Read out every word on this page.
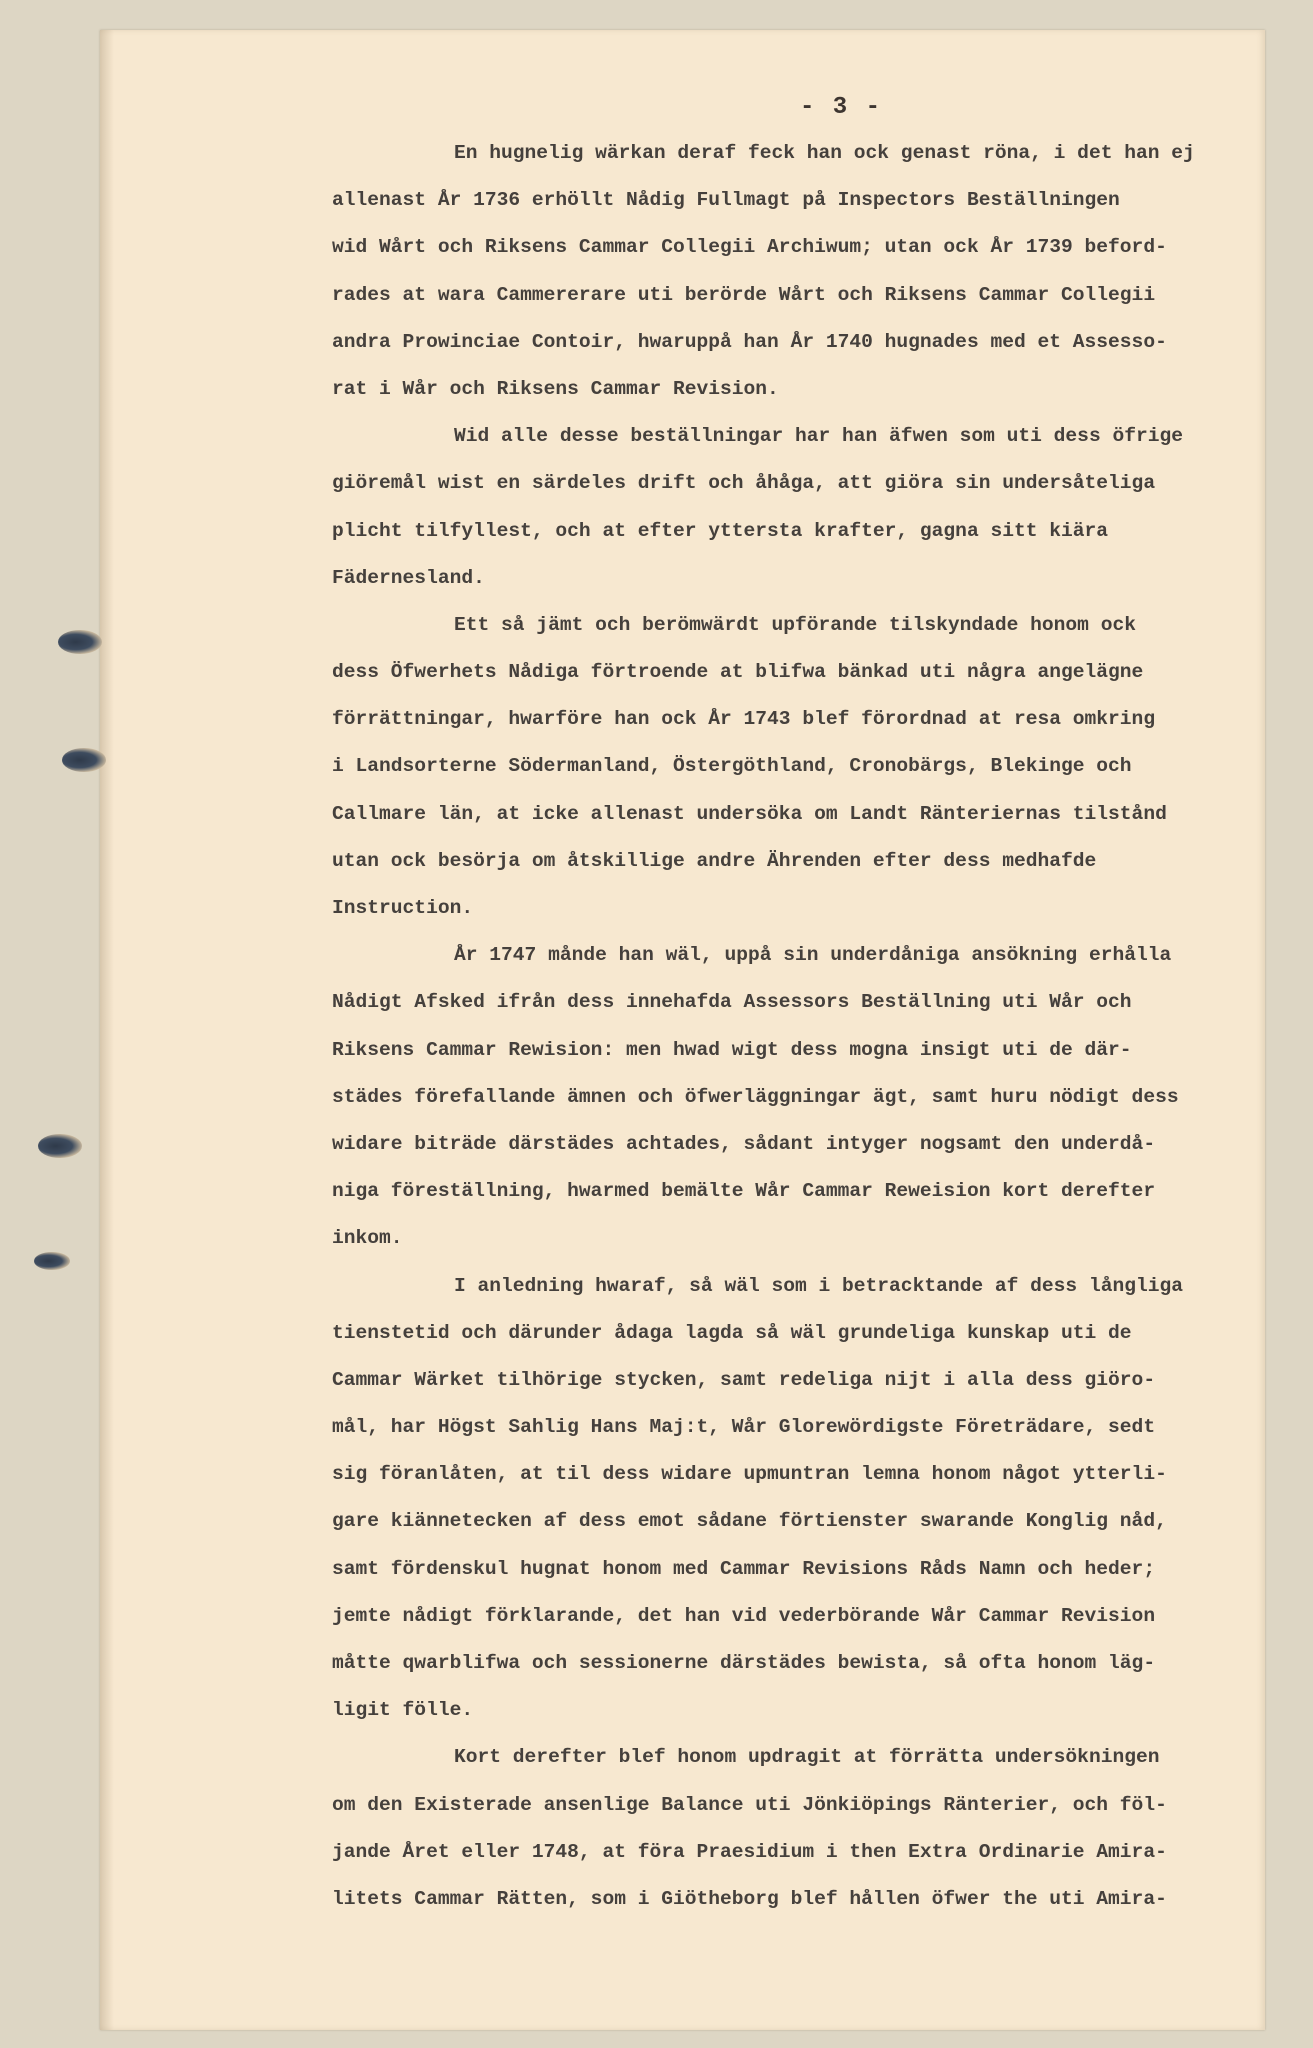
- 3 -
En hugnelig wärkan deraf feck han ock genast röna, i det han ej
allenast År 1736 erhöllt Nådig Fullmagt på Inspectors Beställningen
wid Wårt och Riksens Cammar Collegii Archiwum; utan ock År 1739 beford-
rades at wara Cammererare uti berörde Wårt och Riksens Cammar Collegii
andra Prowinciae Contoir, hwaruppå han År 1740 hugnades med et Assesso-
rat i Wår och Riksens Cammar Revision.
Wid alle desse beställningar har han äfwen som uti dess öfrige
giöremål wist en särdeles drift och åhåga, att giöra sin undersåteliga
plicht tilfyllest, och at efter yttersta krafter, gagna sitt kiära
Fädernesland.
Ett så jämt och berömwärdt upförande tilskyndade honom ock
dess Öfwerhets Nådiga förtroende at blifwa bänkad uti några angelägne
förrättningar, hwarföre han ock År 1743 blef förordnad at resa omkring
i Landsorterne Södermanland, Östergöthland, Cronobärgs, Blekinge och
Callmare län, at icke allenast undersöka om Landt Ränteriernas tilstånd
utan ock besörja om åtskillige andre Ährenden efter dess medhafde
Instruction.
År 1747 månde han wäl, uppå sin underdåniga ansökning erhålla
Nådigt Afsked ifrån dess innehafda Assessors Beställning uti Wår och
Riksens Cammar Rewision: men hwad wigt dess mogna insigt uti de där-
städes förefallande ämnen och öfwerläggningar ägt, samt huru nödigt dess
widare biträde därstädes achtades, sådant intyger nogsamt den underdå-
niga föreställning, hwarmed bemälte Wår Cammar Reweision kort derefter
inkom.
I anledning hwaraf, så wäl som i betracktande af dess långliga
tienstetid och därunder ådaga lagda så wäl grundeliga kunskap uti de
Cammar Wärket tilhörige stycken, samt redeliga nijt i alla dess giöro-
mål, har Högst Sahlig Hans Maj:t, Wår Glorewördigste Företrädare, sedt
sig föranlåten, at til dess widare upmuntran lemna honom något ytterli-
gare kiännetecken af dess emot sådane förtienster swarande Konglig nåd,
samt fördenskul hugnat honom med Cammar Revisions Råds Namn och heder;
jemte nådigt förklarande, det han vid vederbörande Wår Cammar Revision
måtte qwarblifwa och sessionerne därstädes bewista, så ofta honom läg-
ligit fölle.
Kort derefter blef honom updragit at förrätta undersökningen
om den Existerade ansenlige Balance uti Jönkiöpings Ränterier, och föl-
jande Året eller 1748, at föra Praesidium i then Extra Ordinarie Amira-
litets Cammar Rätten, som i Giötheborg blef hållen öfwer the uti Amira-
